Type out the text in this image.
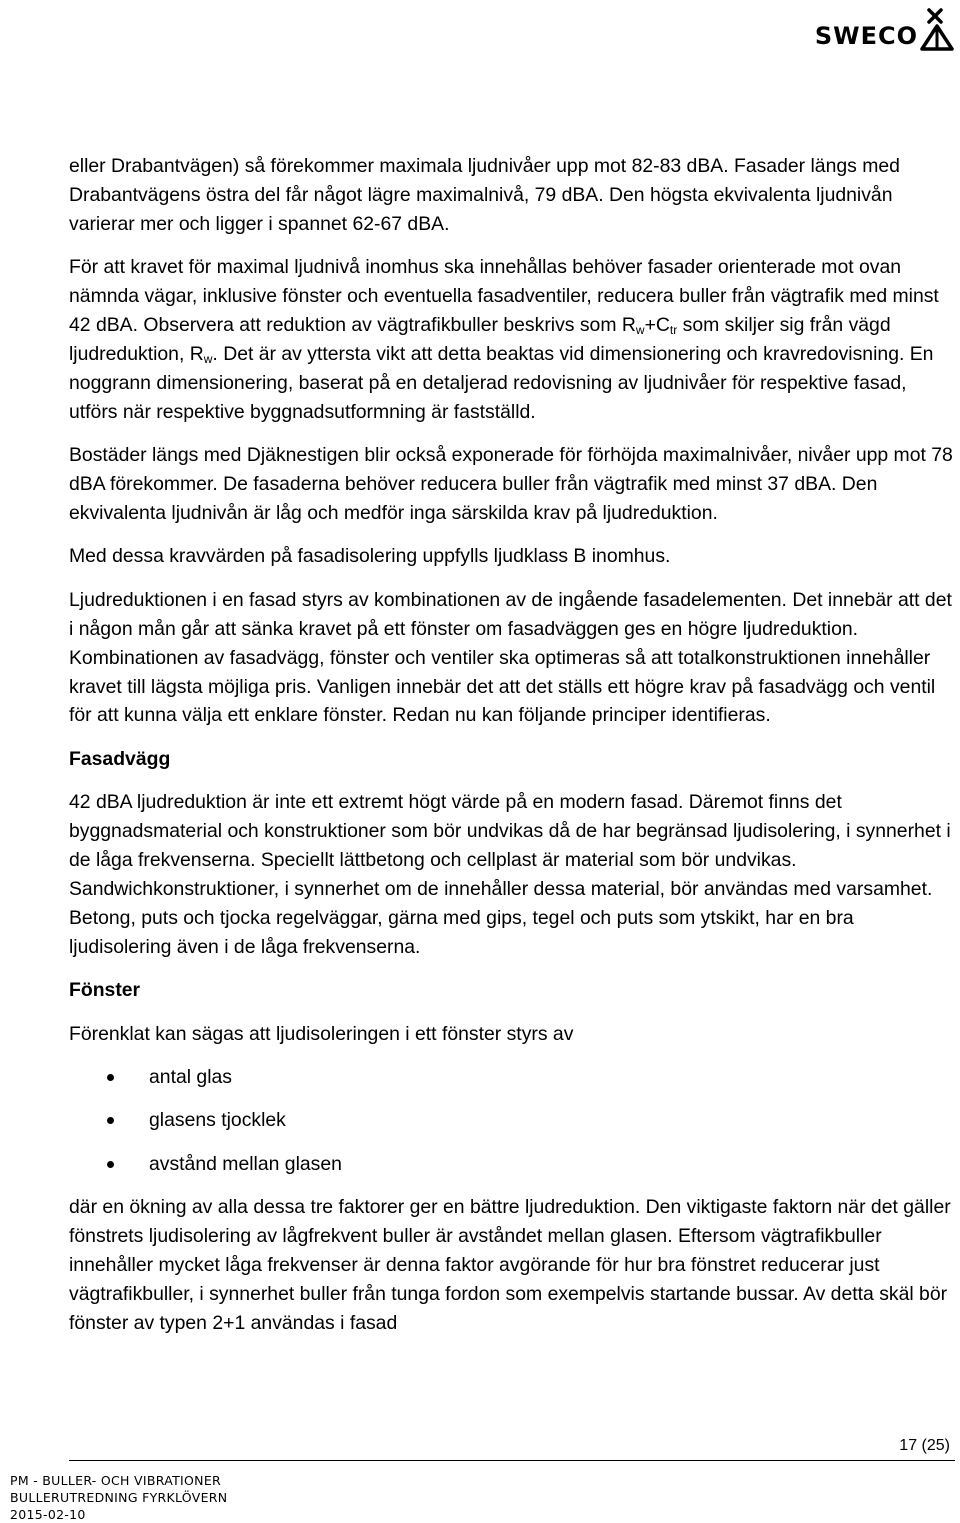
SWECO

eller Drabantvägen) så förekommer maximala ljudnivåer upp mot 82-83 dBA. Fasader längs med Drabantvägens östra del får något lägre maximalnivå, 79 dBA. Den högsta ekvivalenta ljudnivån varierar mer och ligger i spannet 62-67 dBA.

För att kravet för maximal ljudnivå inomhus ska innehållas behöver fasader orienterade mot ovan nämnda vägar, inklusive fönster och eventuella fasadventiler, reducera buller från vägtrafik med minst 42 dBA. Observera att reduktion av vägtrafikbuller beskrivs som $R_w+C_{tr}$ som skiljer sig från vägd ljudreduktion, $R_w$. Det är av yttersta vikt att detta beaktas vid dimensionering och kravredovisning. En noggrann dimensionering, baserat på en detaljerad redovisning av ljudnivåer för respektive fasad, utförs när respektive byggnadsutformning är fastställd.

Bostäder längs med Djäknestigen blir också exponerade för förhöjda maximalnivåer, nivåer upp mot 78 dBA förekommer. De fasaderna behöver reducera buller från vägtrafik med minst 37 dBA. Den ekvivalenta ljudnivån är låg och medför inga särskilda krav på ljudreduktion.

Med dessa kravvärden på fasadisolering uppfylls ljudklass B inomhus.

Ljudreduktionen i en fasad styrs av kombinationen av de ingående fasadelementen. Det innebär att det i någon mån går att sänka kravet på ett fönster om fasadväggen ges en högre ljudreduktion. Kombinationen av fasadvägg, fönster och ventiler ska optimeras så att totalkonstruktionen innehåller kravet till lägsta möjliga pris. Vanligen innebär det att det ställs ett högre krav på fasadvägg och ventil för att kunna välja ett enklare fönster. Redan nu kan följande principer identifieras.

Fasadvägg

42 dBA ljudreduktion är inte ett extremt högt värde på en modern fasad. Däremot finns det byggnadsmaterial och konstruktioner som bör undvikas då de har begränsad ljudisolering, i synnerhet i de låga frekvenserna. Speciellt lättbetong och cellplast är material som bör undvikas. Sandwichkonstruktioner, i synnerhet om de innehåller dessa material, bör användas med varsamhet. Betong, puts och tjocka regelväggar, gärna med gips, tegel och puts som ytskikt, har en bra ljudisolering även i de låga frekvenserna.

Fönster

Förenklat kan sägas att ljudisoleringen i ett fönster styrs av

antal glas
glasens tjocklek
avstånd mellan glasen

där en ökning av alla dessa tre faktorer ger en bättre ljudreduktion. Den viktigaste faktorn när det gäller fönstrets ljudisolering av lågfrekvent buller är avståndet mellan glasen. Eftersom vägtrafikbuller innehåller mycket låga frekvenser är denna faktor avgörande för hur bra fönstret reducerar just vägtrafikbuller, i synnerhet buller från tunga fordon som exempelvis startande bussar. Av detta skäl bör fönster av typen 2+1 användas i fasad

17 (25)
PM - BULLER- OCH VIBRATIONER
BULLERUTREDNING FYRKLÖVERN
2015-02-10
